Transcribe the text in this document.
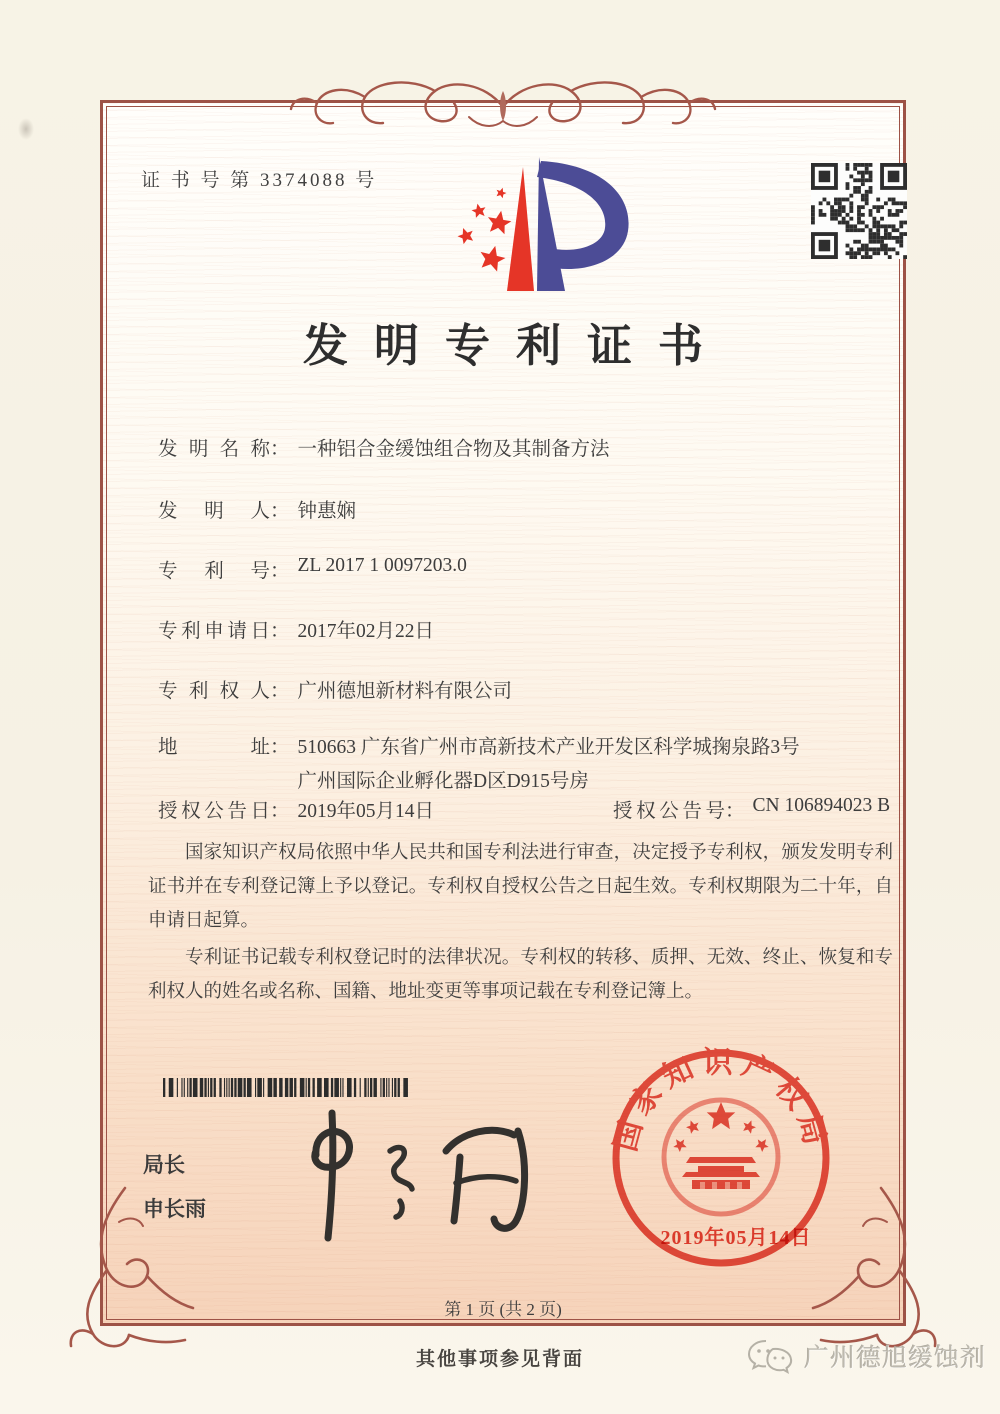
证 书 号 第 3374088 号
发明专利证书
发明名称 ： 一种铝合金缓蚀组合物及其制备方法
发明人 ： 钟惠娴
专利号 ： ZL 2017 1 0097203.0
专利申请日 ： 2017年02月22日
专利权人 ： 广州德旭新材料有限公司
地址 ： 510663 广东省广州市高新技术产业开发区科学城掬泉路3号广州国际企业孵化器D区D915号房
授权公告日 ： 2019年05月14日	授权公告号 ： CN 106894023 B

国家知识产权局依照中华人民共和国专利法进行审查，决定授予专利权，颁发发明专利证书并在专利登记簿上予以登记。专利权自授权公告之日起生效。专利权期限为二十年，自申请日起算。

专利证书记载专利权登记时的法律状况。专利权的转移、质押、无效、终止、恢复和专利权人的姓名或名称、国籍、地址变更等事项记载在专利登记簿上。

局长
申长雨
国家知识产权局
2019年05月14日
第 1 页 (共 2 页)
其他事项参见背面	广州德旭缓蚀剂
